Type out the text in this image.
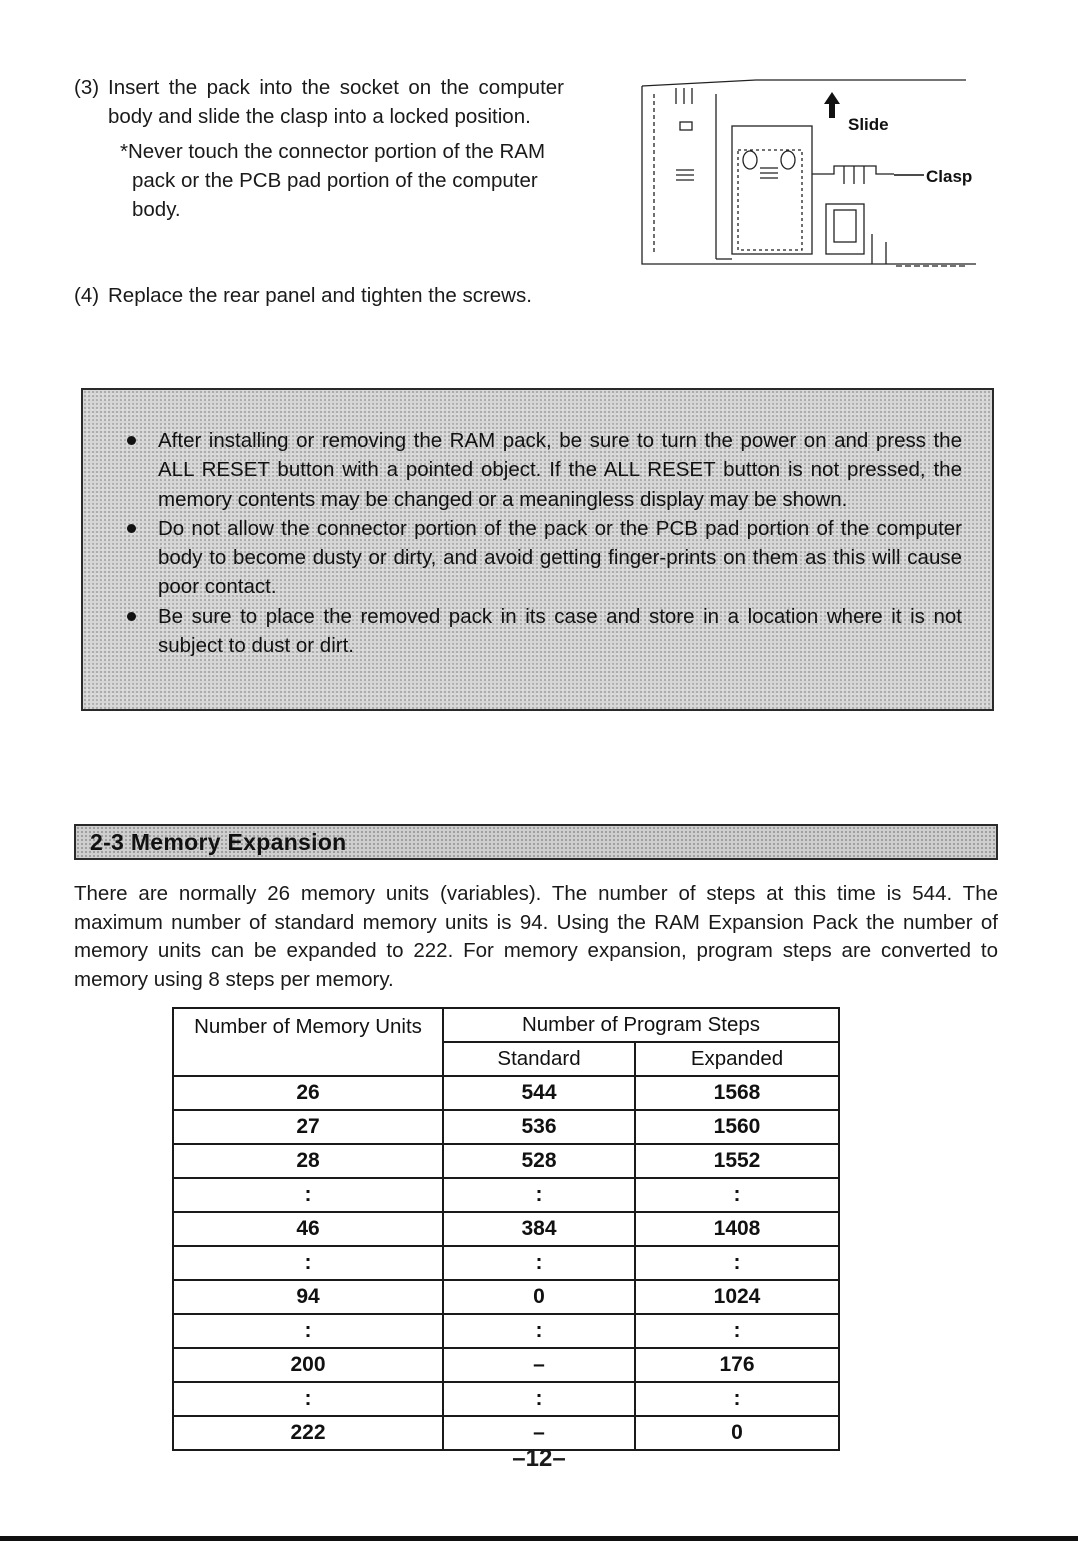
(3) Insert the pack into the socket on the computer body and slide the clasp into a locked position.
*Never touch the connector portion of the RAM pack or the PCB pad portion of the computer body.
(4) Replace the rear panel and tighten the screws.
Slide
Clasp
After installing or removing the RAM pack, be sure to turn the power on and press the ALL RESET button with a pointed object. If the ALL RESET button is not pressed, the memory contents may be changed or a meaningless display may be shown.
Do not allow the connector portion of the pack or the PCB pad portion of the computer body to become dusty or dirty, and avoid getting finger-prints on them as this will cause poor contact.
Be sure to place the removed pack in its case and store in a location where it is not subject to dust or dirt.
2-3 Memory Expansion

There are normally 26 memory units (variables). The number of steps at this time is 544. The maximum number of standard memory units is 94. Using the RAM Expansion Pack the number of memory units can be expanded to 222. For memory expansion, program steps are converted to memory using 8 steps per memory.

Number of Memory Units	Number of Program Steps	
	Standard	Expanded
26	544	1568
27	536	1560
28	528	1552
:	:	:
46	384	1408
:	:	:
94	0	1024
:	:	:
200	–	176
:	:	:
222	–	0
–12–
